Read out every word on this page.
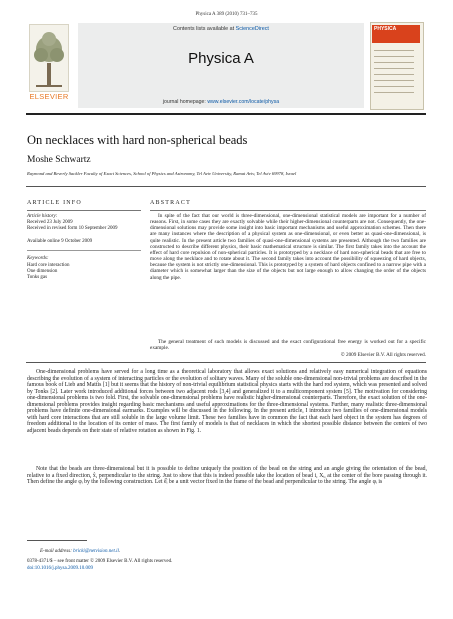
Physica A 389 (2010) 731–735
ELSEVIER
Contents lists available at ScienceDirect
Physica A
journal homepage: www.elsevier.com/locate/physa
PHYSICA
On necklaces with hard non-spherical beads
Moshe Schwartz
Raymond and Beverly Sackler Faculty of Exact Sciences, School of Physics and Astronomy, Tel Aviv University, Ramat Aviv, Tel Aviv 69978, Israel
ARTICLE INFO
Article history:
Received 23 July 2009
Received in revised form 10 September 2009
Available online 9 October 2009
Keywords:
Hard core interaction
One dimension
Tonks gas
ABSTRACT
In spite of the fact that our world is three-dimensional, one-dimensional statistical models are important for a number of reasons. First, in some cases they are exactly solvable while their higher-dimensional counterparts are not. Consequently, the one-dimensional solutions may provide some insight into basic important mechanisms and useful approximation schemes. Then there are many instances where the description of a physical system as one-dimensional, or even better as quasi-one-dimensional, is quite realistic. In the present article two families of quasi-one-dimensional systems are presented. Although the two families are constructed to describe different physics, their basic mathematical structure is similar. The first family takes into the account the effect of hard core repulsion of non-spherical particles. It is prototyped by a necklace of hard non-spherical beads that are free to move along the necklace and to rotate about it. The second family takes into account the possibility of squeezing of hard objects, because the system is not strictly one-dimensional. This is prototyped by a system of hard objects confined to a narrow pipe with a diameter which is somewhat larger than the size of the objects but not large enough to allow changing the order of the objects along the pipe.
The general treatment of such models is discussed and the exact configurational free energy is worked out for a specific example.
© 2009 Elsevier B.V. All rights reserved.
One-dimensional problems have served for a long time as a theoretical laboratory that allows exact solutions and relatively easy numerical integration of equations describing the evolution of a system of interacting particles or the evolution of solitary waves. Many of the soluble one-dimensional non-trivial problems are described in the famous book of Lieb and Mattis [1] but it seems that the history of non-trivial equilibrium statistical physics starts with the hard rod system, which was presented and solved by Tonks [2]. Later work introduced additional forces between two adjacent rods [3,4] and generalized it to a multicomponent system [5]. The motivation for considering one-dimensional problems is two fold. First, the solvable one-dimensional problems have realistic higher-dimensional counterparts. Therefore, the exact solution of the one-dimensional problems provides insight regarding basic mechanisms and useful approximations for the three-dimensional systems. Further, many realistic three-dimensional problems have definite one-dimensional earmarks. Examples will be discussed in the following. In the present article, I introduce two families of one-dimensional models with hard core interactions that are still soluble in the large volume limit. These two families have in common the fact that each hard object in the system has degrees of freedom additional to the location of its center of mass. The first family of models is that of necklaces in which the shortest possible distance between the centers of two adjacent beads depends on their state of relative rotation as shown in Fig. 1.
Note that the beads are three-dimensional but it is possible to define uniquely the position of the bead on the string and an angle giving the orientation of the bead, relative to a fixed direction, x̂, perpendicular to the string. Just to show that this is indeed possible take the location of bead i, Xᵢ, at the center of the bore passing through it. Then define the angle φᵢ by the following construction. Let ê̂ᵢ be a unit vector fixed in the frame of the bead and perpendicular to the string. The angle φᵢ is
E-mail address: bricki@netvision.net.il.
0378-4371/$ – see front matter © 2009 Elsevier B.V. All rights reserved.
doi:10.1016/j.physa.2009.10.009
